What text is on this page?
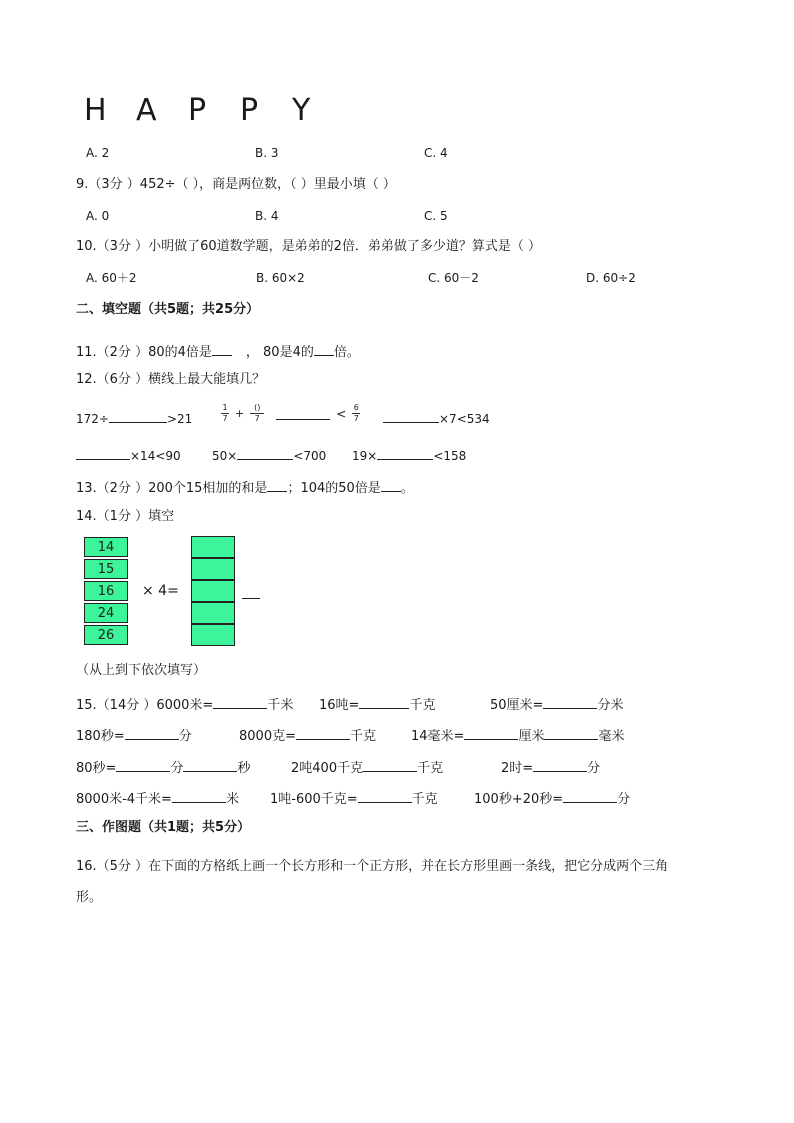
H A P P Y
A. 2	B. 3	C. 4
9.（3分 ）452÷（ ），商是两位数，（ ）里最小填（ ）
A. 0	B. 4	C. 5
10.（3分 ）小明做了60道数学题，是弟弟的2倍．弟弟做了多少道？算式是（ ）
A. 60＋2	B. 60×2	C. 60－2	D. 60÷2
二、填空题（共5题；共25分）
11.（2分 ）80的4倍是	， 80是4的 倍。
12.（6分 ）横线上最大能填几？
172÷	>21	$\frac{1}{7} + \frac{()}{7}$	< $\frac{6}{7}$	×7<534
×14<90	50×	<700 19×	<158
13.（2分 ）200个15相加的和是 ；104的50倍是 。
14.（1分 ）填空
14
15
16
24
26
× 4=
（从上到下依次填写）
15.（14分 ）6000米=	千米 16吨=	千克	50厘米=	分米
180秒=	分	8000克=	千克	14毫米=	厘米	毫米
80秒=	分	秒	2吨400千克	千克	2时=	分
8000米-4千米=	米 1吨-600千克=	千克	100秒+20秒=	分
三、作图题（共1题；共5分）
16.（5分 ）在下面的方格纸上画一个长方形和一个正方形，并在长方形里画一条线，把它分成两个三角
形。
